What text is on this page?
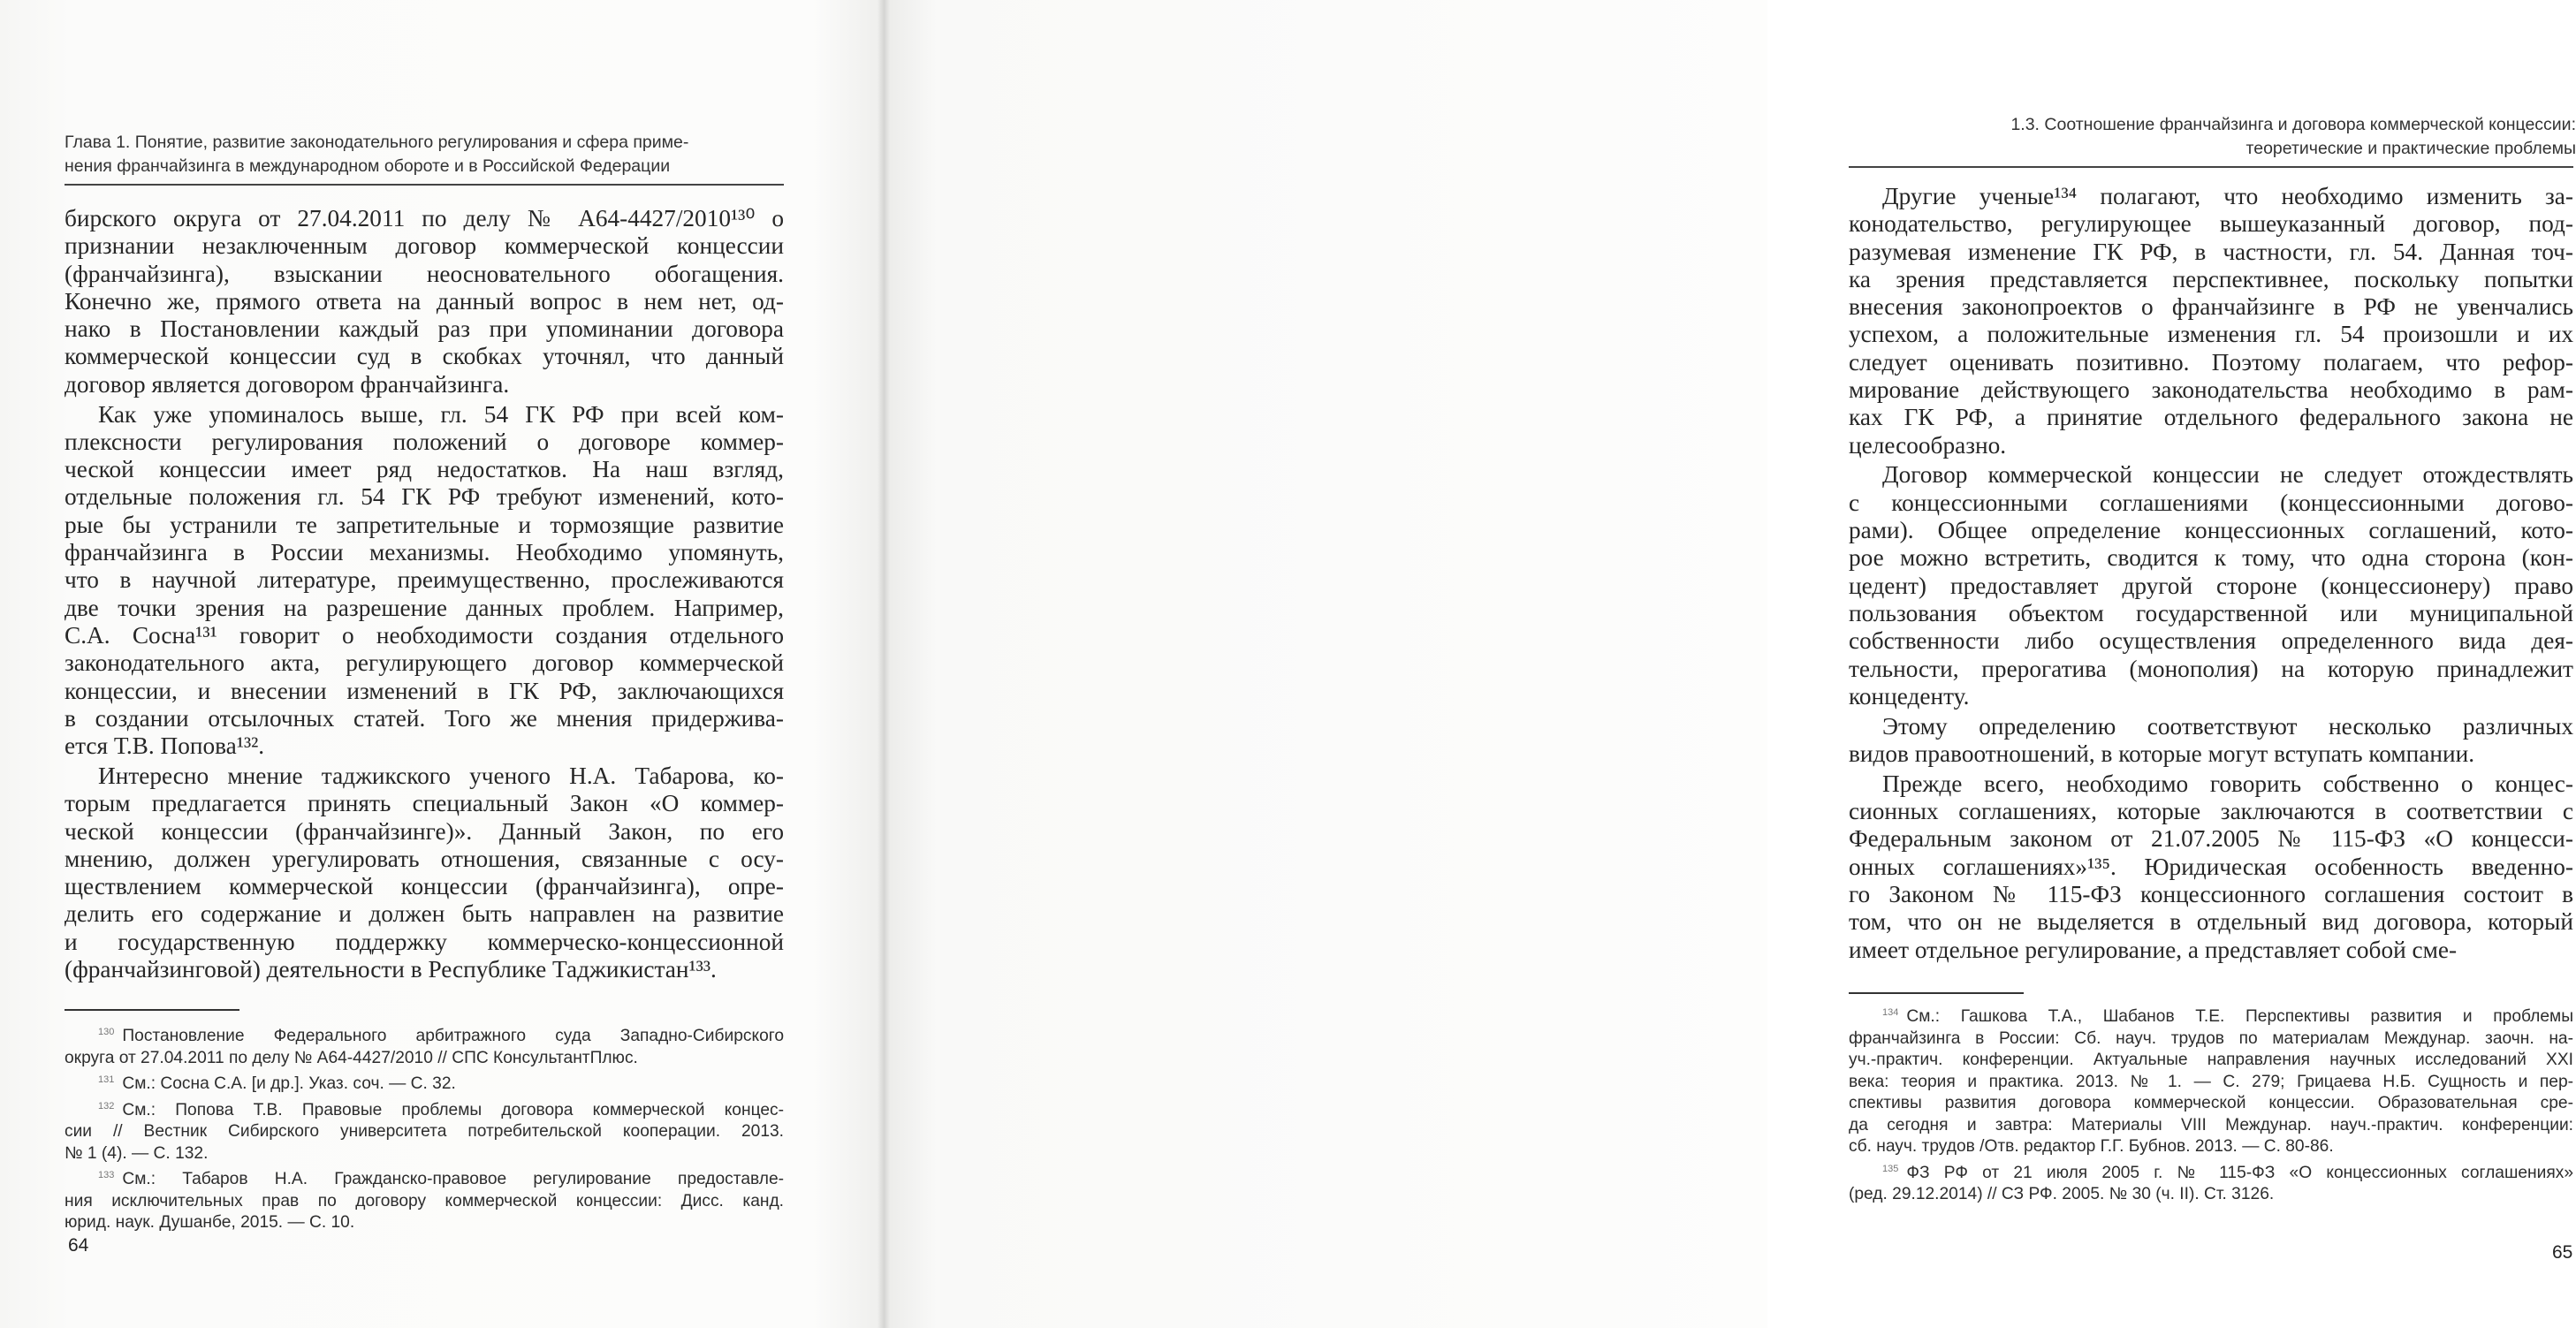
Глава 1. Понятие, развитие законодательного регулирования и сфера приме-
нения франчайзинга в международном обороте и в Российской Федерации
бирского округа от 27.04.2011 по делу № А64-4427/2010¹³⁰ о
признании незаключенным договор коммерческой концессии
(франчайзинга), взыскании неосновательного обогащения.
Конечно же, прямого ответа на данный вопрос в нем нет, од-
нако в Постановлении каждый раз при упоминании договора
коммерческой концессии суд в скобках уточнял, что данный
договор является договором франчайзинга.
Как уже упоминалось выше, гл. 54 ГК РФ при всей ком-
плексности регулирования положений о договоре коммер-
ческой концессии имеет ряд недостатков. На наш взгляд,
отдельные положения гл. 54 ГК РФ требуют изменений, кото-
рые бы устранили те запретительные и тормозящие развитие
франчайзинга в России механизмы. Необходимо упомянуть,
что в научной литературе, преимущественно, прослеживаются
две точки зрения на разрешение данных проблем. Например,
С.А. Сосна¹³¹ говорит о необходимости создания отдельного
законодательного акта, регулирующего договор коммерческой
концессии, и внесении изменений в ГК РФ, заключающихся
в создании отсылочных статей. Того же мнения придержива-
ется Т.В. Попова¹³².
Интересно мнение таджикского ученого Н.А. Табарова, ко-
торым предлагается принять специальный Закон «О коммер-
ческой концессии (франчайзинге)». Данный Закон, по его
мнению, должен урегулировать отношения, связанные с осу-
ществлением коммерческой концессии (франчайзинга), опре-
делить его содержание и должен быть направлен на развитие
и государственную поддержку коммерческо-концессионной
(франчайзинговой) деятельности в Республике Таджикистан¹³³.
$^{130}$ Постановление Федерального арбитражного суда Западно-Сибирского
округа от 27.04.2011 по делу № А64-4427/2010 // СПС КонсультантПлюс.
$^{131}$ См.: Сосна С.А. [и др.]. Указ. соч. — С. 32.
$^{132}$ См.: Попова Т.В. Правовые проблемы договора коммерческой концес-
сии // Вестник Сибирского университета потребительской кооперации. 2013.
№ 1 (4). — С. 132.
$^{133}$ См.: Табаров Н.А. Гражданско-правовое регулирование предоставле-
ния исключительных прав по договору коммерческой концессии: Дисс. канд.
юрид. наук. Душанбе, 2015. — С. 10.
64
1.3. Соотношение франчайзинга и договора коммерческой концессии:
теоретические и практические проблемы
Другие ученые¹³⁴ полагают, что необходимо изменить за-
конодательство, регулирующее вышеуказанный договор, под-
разумевая изменение ГК РФ, в частности, гл. 54. Данная точ-
ка зрения представляется перспективнее, поскольку попытки
внесения законопроектов о франчайзинге в РФ не увенчались
успехом, а положительные изменения гл. 54 произошли и их
следует оценивать позитивно. Поэтому полагаем, что рефор-
мирование действующего законодательства необходимо в рам-
ках ГК РФ, а принятие отдельного федерального закона не
целесообразно.
Договор коммерческой концессии не следует отождествлять
с концессионными соглашениями (концессионными догово-
рами). Общее определение концессионных соглашений, кото-
рое можно встретить, сводится к тому, что одна сторона (кон-
цедент) предоставляет другой стороне (концессионеру) право
пользования объектом государственной или муниципальной
собственности либо осуществления определенного вида дея-
тельности, прерогатива (монополия) на которую принадлежит
концеденту.
Этому определению соответствуют несколько различных
видов правоотношений, в которые могут вступать компании.
Прежде всего, необходимо говорить собственно о концес-
сионных соглашениях, которые заключаются в соответствии с
Федеральным законом от 21.07.2005 № 115-ФЗ «О концесси-
онных соглашениях»¹³⁵. Юридическая особенность введенно-
го Законом № 115-ФЗ концессионного соглашения состоит в
том, что он не выделяется в отдельный вид договора, который
имеет отдельное регулирование, а представляет собой сме-
$^{134}$ См.: Гашкова Т.А., Шабанов Т.Е. Перспективы развития и проблемы
франчайзинга в России: Сб. науч. трудов по материалам Междунар. заочн. на-
уч.-практич. конференции. Актуальные направления научных исследований XXI
века: теория и практика. 2013. № 1. — С. 279; Грицаева Н.Б. Сущность и пер-
спективы развития договора коммерческой концессии. Образовательная сре-
да сегодня и завтра: Материалы VIII Междунар. науч.-практич. конференции:
сб. науч. трудов /Отв. редактор Г.Г. Бубнов. 2013. — С. 80-86.
$^{135}$ ФЗ РФ от 21 июля 2005 г. № 115-ФЗ «О концессионных соглашениях»
(ред. 29.12.2014) // СЗ РФ. 2005. № 30 (ч. II). Ст. 3126.
65
